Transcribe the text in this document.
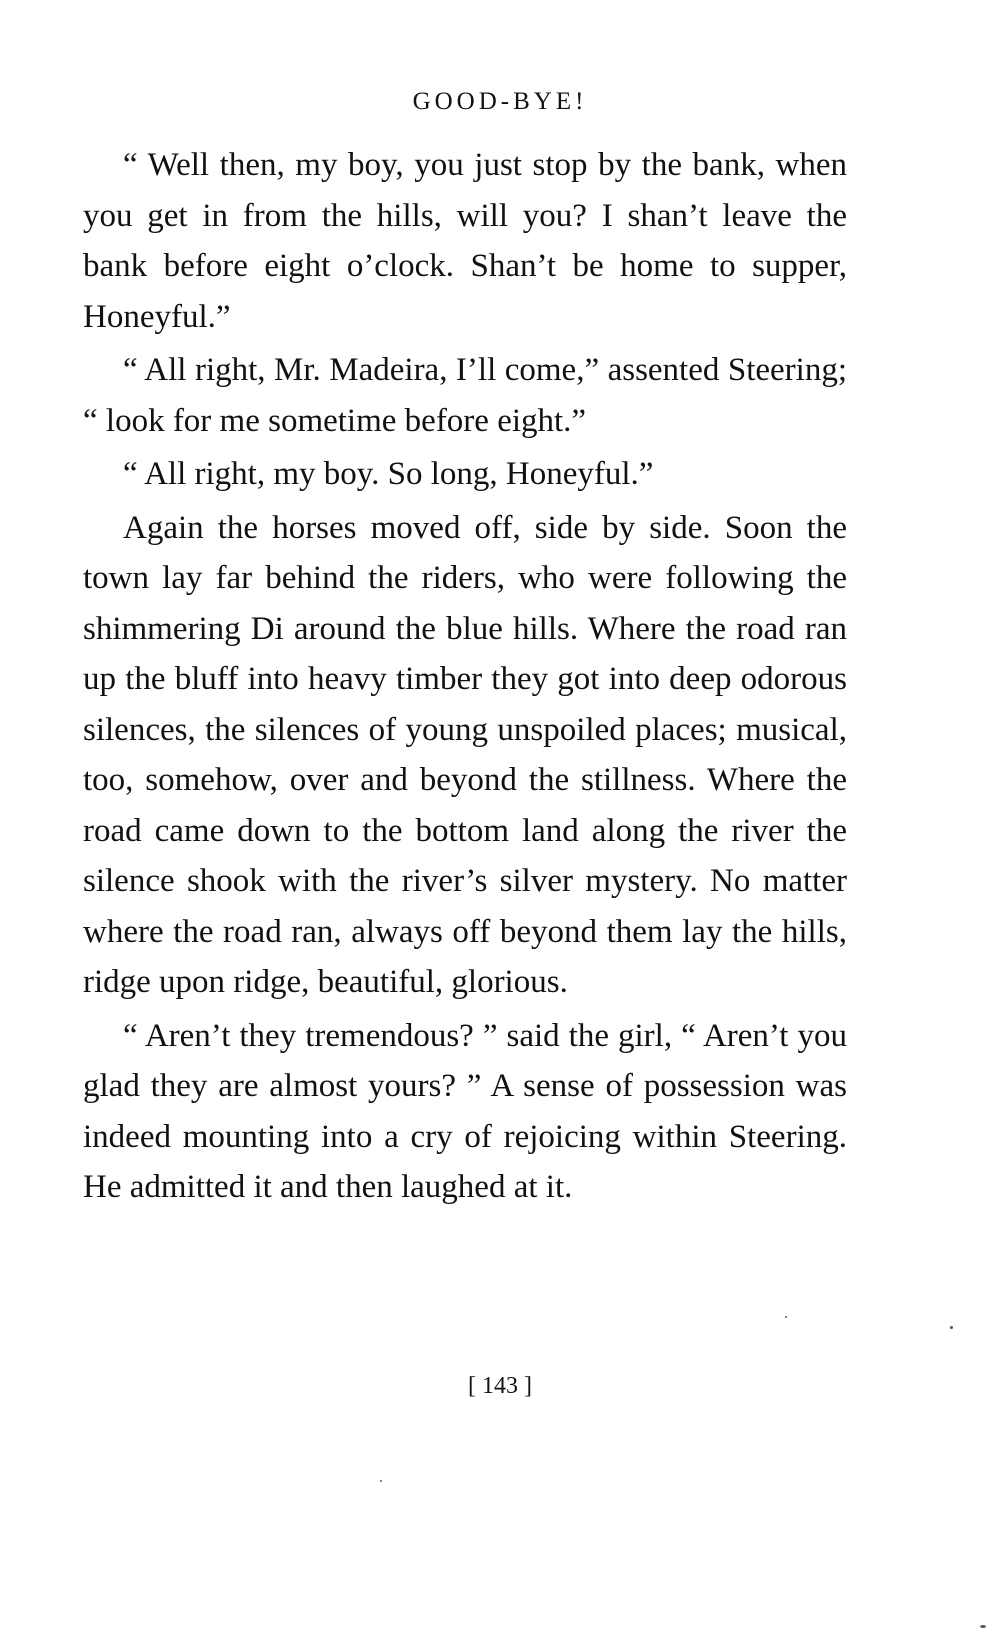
GOOD-BYE!

“ Well then, my boy, you just stop by the bank, when you get in from the hills, will you? I shan’t leave the bank before eight o’clock. Shan’t be home to supper, Honeyful.”

“ All right, Mr. Madeira, I’ll come,” assented Steering; “ look for me sometime before eight.”

“ All right, my boy. So long, Honeyful.”

Again the horses moved off, side by side. Soon the town lay far behind the riders, who were following the shimmering Di around the blue hills. Where the road ran up the bluff into heavy timber they got into deep odorous silences, the silences of young unspoiled places; musical, too, somehow, over and beyond the stillness. Where the road came down to the bottom land along the river the silence shook with the river’s silver mystery. No matter where the road ran, always off beyond them lay the hills, ridge upon ridge, beautiful, glorious.

“ Aren’t they tremendous? ” said the girl, “ Aren’t you glad they are almost yours? ” A sense of possession was indeed mounting into a cry of rejoicing within Steering. He admitted it and then laughed at it.

[ 143 ]
